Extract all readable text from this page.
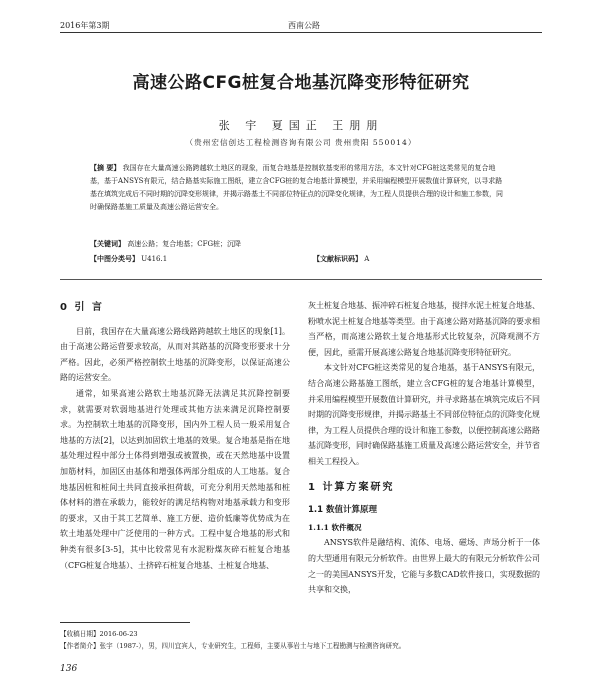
2016年第3期	西南公路
高速公路CFG桩复合地基沉降变形特征研究
张 宇 夏国正 王朋朋
（贵州宏信创达工程检测咨询有限公司 贵州贵阳 550014）
【摘 要】 我国存在大量高速公路跨越软土地区的现象，而复合地基是控制软基变形的常用方法，本文针对CFG桩这类常见的复合地基，基于ANSYS有限元，结合路基实际施工图纸，建立含CFG桩的复合地基计算模型，并采用编程模型开展数值计算研究，以寻求路基在填筑完成后不同时期的沉降变形规律，并揭示路基土不同部位特征点的沉降变化规律，为工程人员提供合理的设计和施工参数，同时确保路基施工质量及高速公路运营安全。
【关键词】 高速公路；复合地基；CFG桩；沉降
【中图分类号】 U416.1	【文献标识码】 A
0 引 言

目前，我国存在大量高速公路线路跨越软土地区的现象[1]。由于高速公路运营要求较高，从而对其路基的沉降变形要求十分严格。因此，必须严格控制软土地基的沉降变形，以保证高速公路的运营安全。

通常，如果高速公路软土地基沉降无法满足其沉降控制要求，就需要对软弱地基进行处理或其他方法来满足沉降控制要求。为控制软土地基的沉降变形，国内外工程人员一般采用复合地基的方法[2]，以达到加固软土地基的效果。复合地基是指在地基处理过程中部分土体得到增强或被置换，或在天然地基中设置加筋材料，加固区由基体和增强体两部分组成的人工地基。复合地基因桩和桩间土共同直接承担荷载，可充分利用天然地基和桩体材料的潜在承载力，能较好的满足结构物对地基承载力和变形的要求，又由于其工艺简单、施工方便、造价低廉等优势成为在软土地基处理中广泛使用的一种方式。工程中复合地基的形式和种类有很多[3-5]，其中比较常见有水泥粉煤灰碎石桩复合地基（CFG桩复合地基）、土挤碎石桩复合地基、土桩复合地基、

灰土桩复合地基、振冲碎石桩复合地基，搅拌水泥土桩复合地基、粉喷水泥土桩复合地基等类型。由于高速公路对路基沉降的要求相当严格，而高速公路软土复合地基形式比较复杂，沉降观测不方便，因此，亟需开展高速公路复合地基沉降变形特征研究。

本文针对CFG桩这类常见的复合地基，基于ANSYS有限元，结合高速公路基施工图纸，建立含CFG桩的复合地基计算模型，并采用编程模型开展数值计算研究，并寻求路基在填筑完成后不同时期的沉降变形规律，并揭示路基土不同部位特征点的沉降变化规律，为工程人员提供合理的设计和施工参数，以便控制高速公路路基沉降变形，同时确保路基施工质量及高速公路运营安全，并节省相关工程投入。

1 计算方案研究
1.1 数值计算原理
1.1.1 软件概况

ANSYS软件是融结构、流体、电场、磁场、声场分析于一体的大型通用有限元分析软件。由世界上最大的有限元分析软件公司之一的美国ANSYS开发，它能与多数CAD软件接口，实现数据的共享和交换，

【收稿日期】2016-06-23
【作者简介】张宇（1987-），男，四川宜宾人，专业研究生，工程师，主要从事岩土与地下工程勘测与检测咨询研究。
136
